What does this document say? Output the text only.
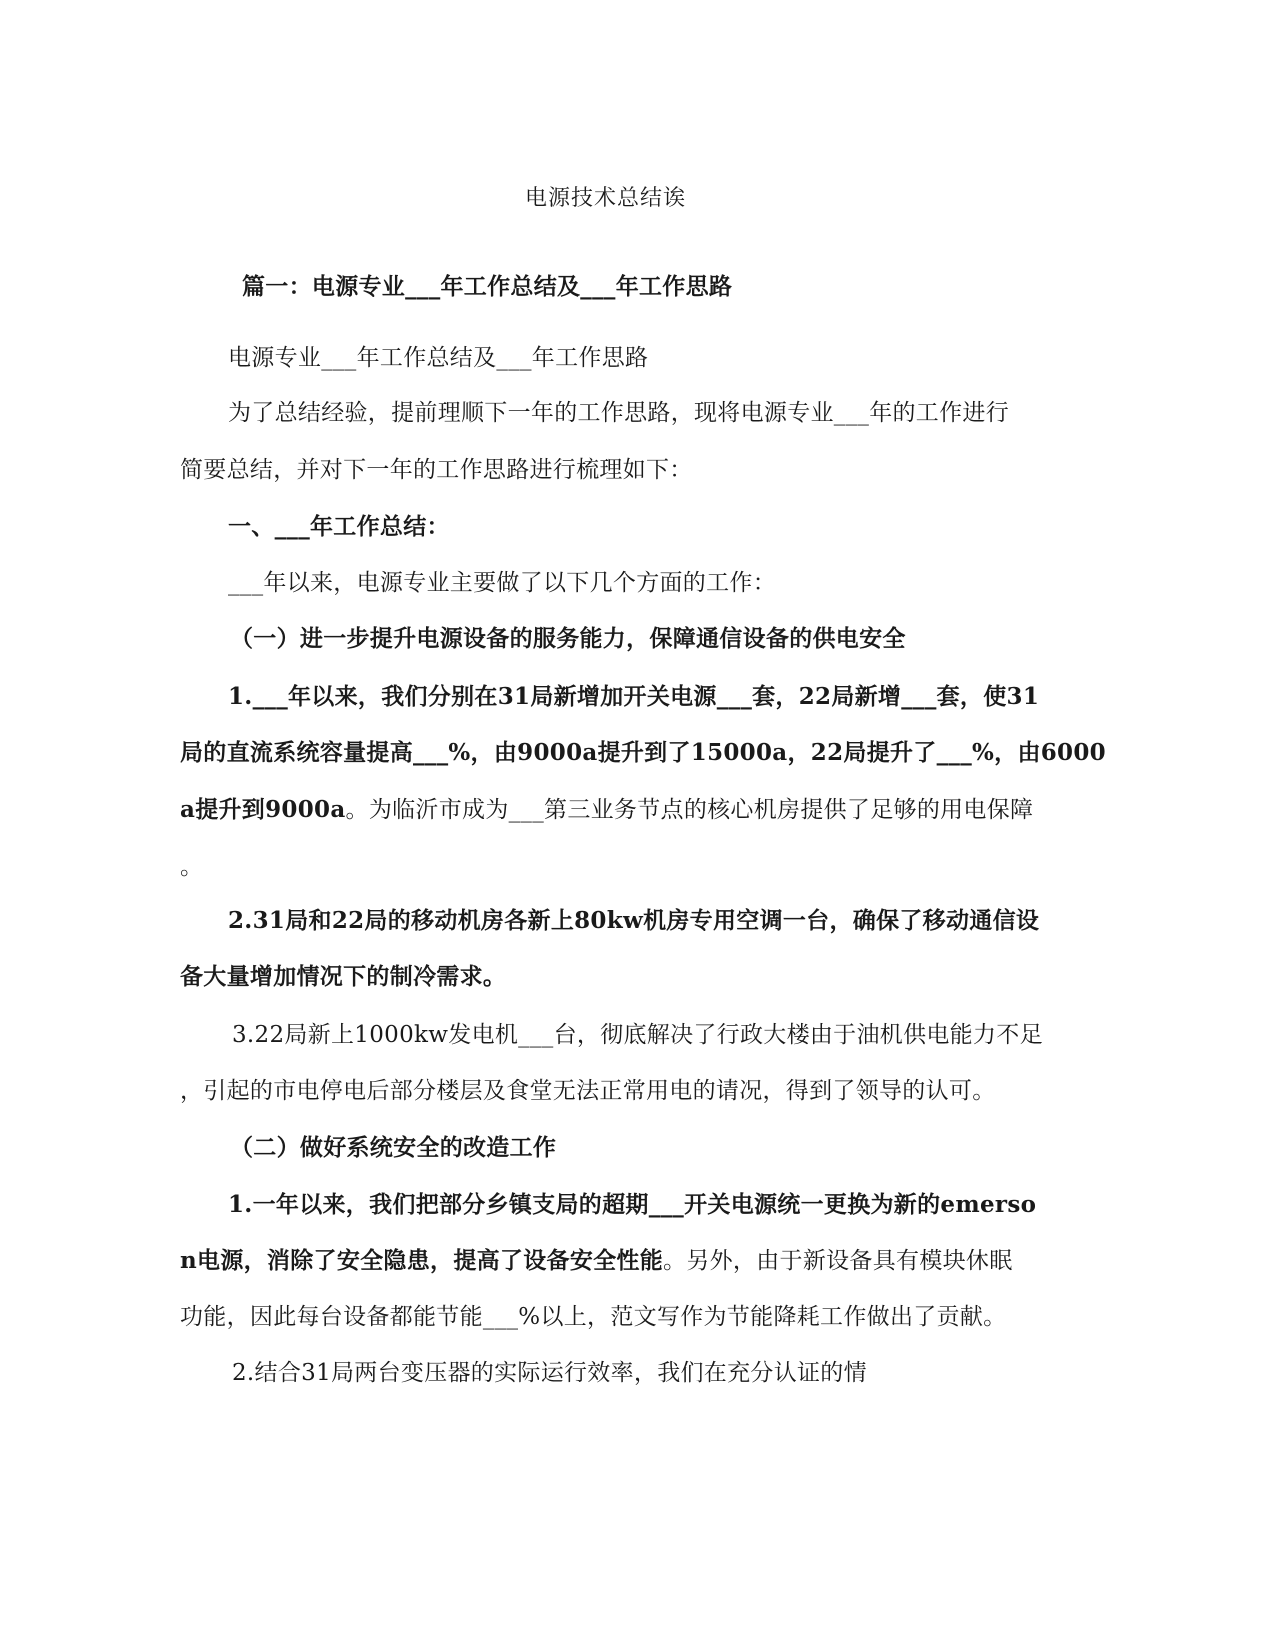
电源技术总结诶
篇一：电源专业___年工作总结及___年工作思路
电源专业___年工作总结及___年工作思路
为了总结经验，提前理顺下一年的工作思路，现将电源专业___年的工作进行
简要总结，并对下一年的工作思路进行梳理如下：
一、___年工作总结：
___年以来，电源专业主要做了以下几个方面的工作：
（一）进一步提升电源设备的服务能力，保障通信设备的供电安全
1.___年以来，我们分别在31局新增加开关电源___套，22局新增___套，使31
局的直流系统容量提高___%，由9000a提升到了15000a，22局提升了___%，由6000
a提升到9000a。为临沂市成为___第三业务节点的核心机房提供了足够的用电保障
。
2.31局和22局的移动机房各新上80kw机房专用空调一台，确保了移动通信设
备大量增加情况下的制冷需求。
3.22局新上1000kw发电机___台，彻底解决了行政大楼由于油机供电能力不足
，引起的市电停电后部分楼层及食堂无法正常用电的请况，得到了领导的认可。
（二）做好系统安全的改造工作
1.一年以来，我们把部分乡镇支局的超期___开关电源统一更换为新的emerso
n电源，消除了安全隐患，提高了设备安全性能。另外，由于新设备具有模块休眠
功能，因此每台设备都能节能___%以上，范文写作为节能降耗工作做出了贡献。
2.结合31局两台变压器的实际运行效率，我们在充分认证的情
